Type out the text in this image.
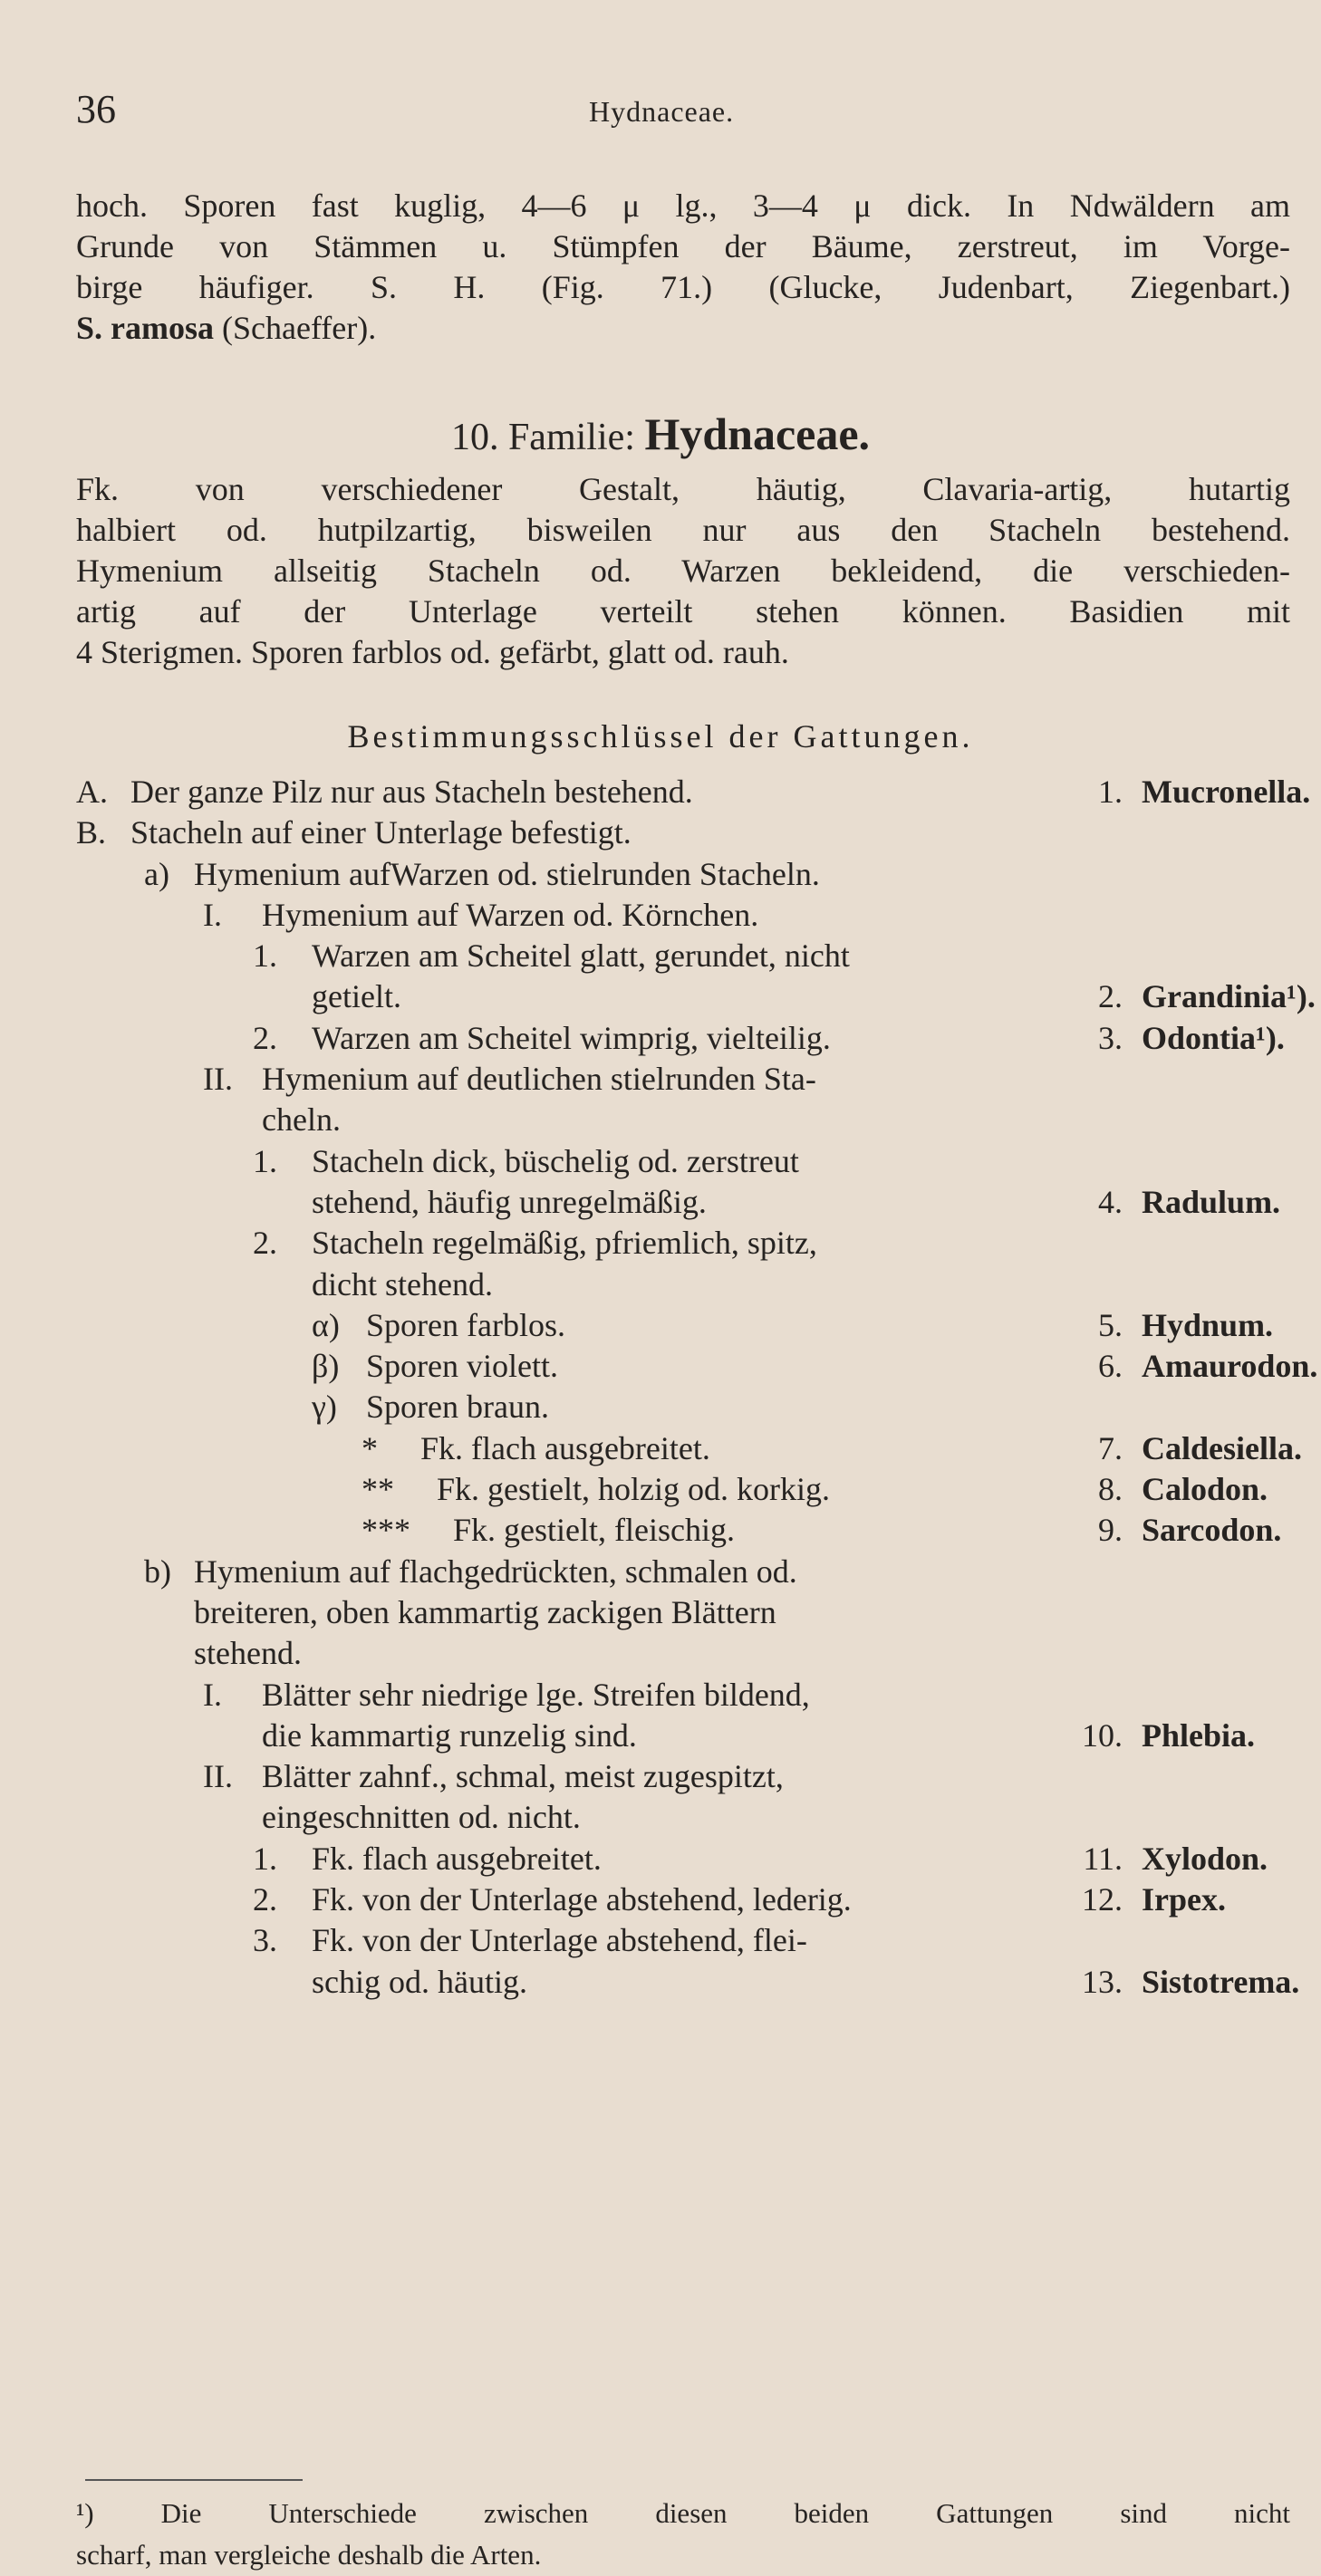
36	Hydnaceae.
hoch. Sporen fast kuglig, 4—6 μ lg., 3—4 μ dick. In Ndwäldern am
Grunde von Stämmen u. Stümpfen der Bäume, zerstreut, im Vorge-
birge häufiger. S. H. (Fig. 71.) (Glucke, Judenbart, Ziegenbart.)
S. ramosa (Schaeffer).
10. Familie: Hydnaceae.
Fk. von verschiedener Gestalt, häutig, Clavaria-artig, hutartig
halbiert od. hutpilzartig, bisweilen nur aus den Stacheln bestehend.
Hymenium allseitig Stacheln od. Warzen bekleidend, die verschieden-
artig auf der Unterlage verteilt stehen können. Basidien mit
4 Sterigmen. Sporen farblos od. gefärbt, glatt od. rauh.
Bestimmungsschlüssel der Gattungen.
A. Der ganze Pilz nur aus Stacheln bestehend.	1. Mucronella.
B. Stacheln auf einer Unterlage befestigt.
a) Hymenium aufWarzen od. stielrunden Stacheln.
I. Hymenium auf Warzen od. Körnchen.
1. Warzen am Scheitel glatt, gerundet, nicht
getielt.	2. Grandinia¹).
2. Warzen am Scheitel wimprig, vielteilig.	3. Odontia¹).
II. Hymenium auf deutlichen stielrunden Sta-
cheln.
1. Stacheln dick, büschelig od. zerstreut
stehend, häufig unregelmäßig.	4. Radulum.
2. Stacheln regelmäßig, pfriemlich, spitz,
dicht stehend.
α) Sporen farblos.	5. Hydnum.
β) Sporen violett.	6. Amaurodon.
γ) Sporen braun.
* Fk. flach ausgebreitet.	7. Caldesiella.
** Fk. gestielt, holzig od. korkig.	8. Calodon.
*** Fk. gestielt, fleischig.	9. Sarcodon.
b) Hymenium auf flachgedrückten, schmalen od.
breiteren, oben kammartig zackigen Blättern
stehend.
I. Blätter sehr niedrige lge. Streifen bildend,
die kammartig runzelig sind.	10. Phlebia.
II. Blätter zahnf., schmal, meist zugespitzt,
eingeschnitten od. nicht.
1. Fk. flach ausgebreitet.	11. Xylodon.
2. Fk. von der Unterlage abstehend, lederig.	12. Irpex.
3. Fk. von der Unterlage abstehend, flei-
schig od. häutig.	13. Sistotrema.
¹) Die Unterschiede zwischen diesen beiden Gattungen sind nicht
scharf, man vergleiche deshalb die Arten.
